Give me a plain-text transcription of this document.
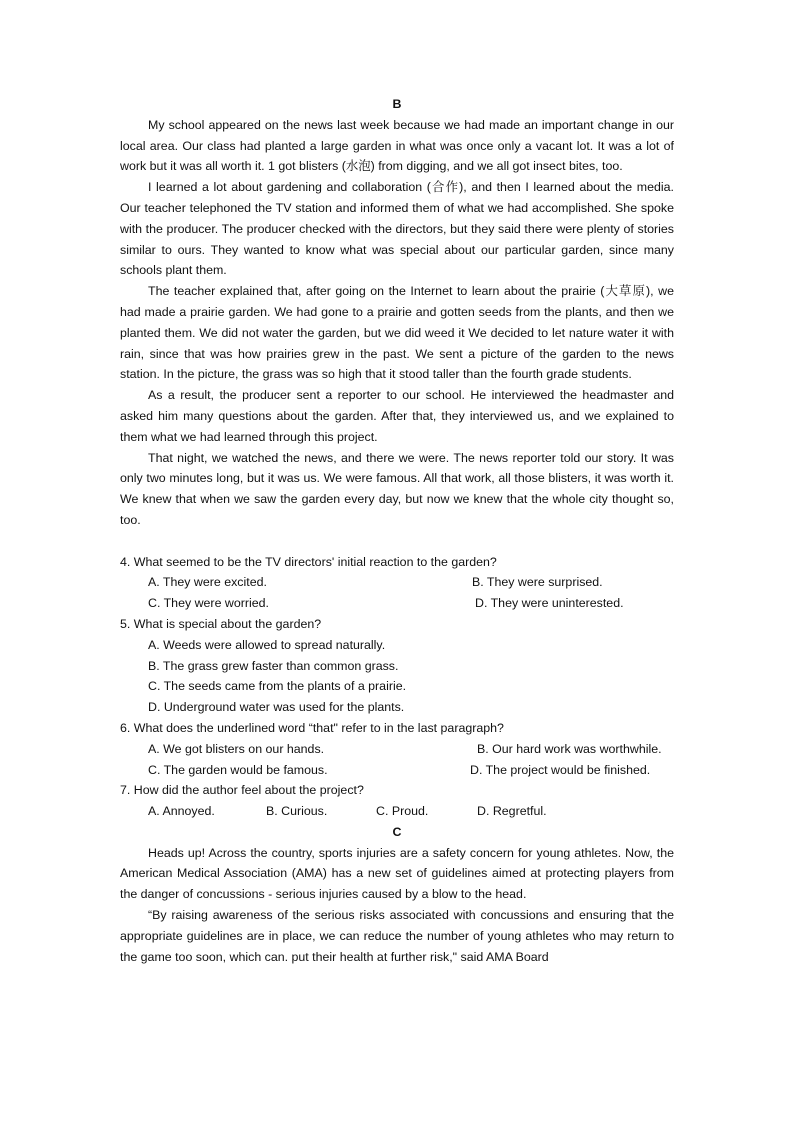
B

My school appeared on the news last week because we had made an important change in our local area. Our class had planted a large garden in what was once only a vacant lot. It was a lot of work but it was all worth it. 1 got blisters (水泡) from digging, and we all got insect bites, too.

I learned a lot about gardening and collaboration (合作), and then I learned about the media. Our teacher telephoned the TV station and informed them of what we had accomplished. She spoke with the producer. The producer checked with the directors, but they said there were plenty of stories similar to ours. They wanted to know what was special about our particular garden, since many schools plant them.

The teacher explained that, after going on the Internet to learn about the prairie (大草原), we had made a prairie garden. We had gone to a prairie and gotten seeds from the plants, and then we planted them. We did not water the garden, but we did weed it We decided to let nature water it with rain, since that was how prairies grew in the past. We sent a picture of the garden to the news station. In the picture, the grass was so high that it stood taller than the fourth grade students.

As a result, the producer sent a reporter to our school. He interviewed the headmaster and asked him many questions about the garden. After that, they interviewed us, and we explained to them what we had learned through this project.

That night, we watched the news, and there we were. The news reporter told our story. It was only two minutes long, but it was us. We were famous. All that work, all those blisters, it was worth it. We knew that when we saw the garden every day, but now we knew that the whole city thought so, too.

4. What seemed to be the TV directors' initial reaction to the garden?

A. They were excited.	B. They were surprised.
C. They were worried.	D. They were uninterested.

5. What is special about the garden?

A. Weeds were allowed to spread naturally.
B. The grass grew faster than common grass.
C. The seeds came from the plants of a prairie.
D. Underground water was used for the plants.

6. What does the underlined word “that" refer to in the last paragraph?

A. We got blisters on our hands.	B. Our hard work was worthwhile.
C. The garden would be famous.	D. The project would be finished.

7. How did the author feel about the project?

A. Annoyed.	B. Curious.	C. Proud.	D. Regretful.

C

Heads up! Across the country, sports injuries are a safety concern for young athletes. Now, the American Medical Association (AMA) has a new set of guidelines aimed at protecting players from the danger of concussions - serious injuries caused by a blow to the head.

“By raising awareness of the serious risks associated with concussions and ensuring that the appropriate guidelines are in place, we can reduce the number of young athletes who may return to the game too soon, which can. put their health at further risk," said AMA Board
